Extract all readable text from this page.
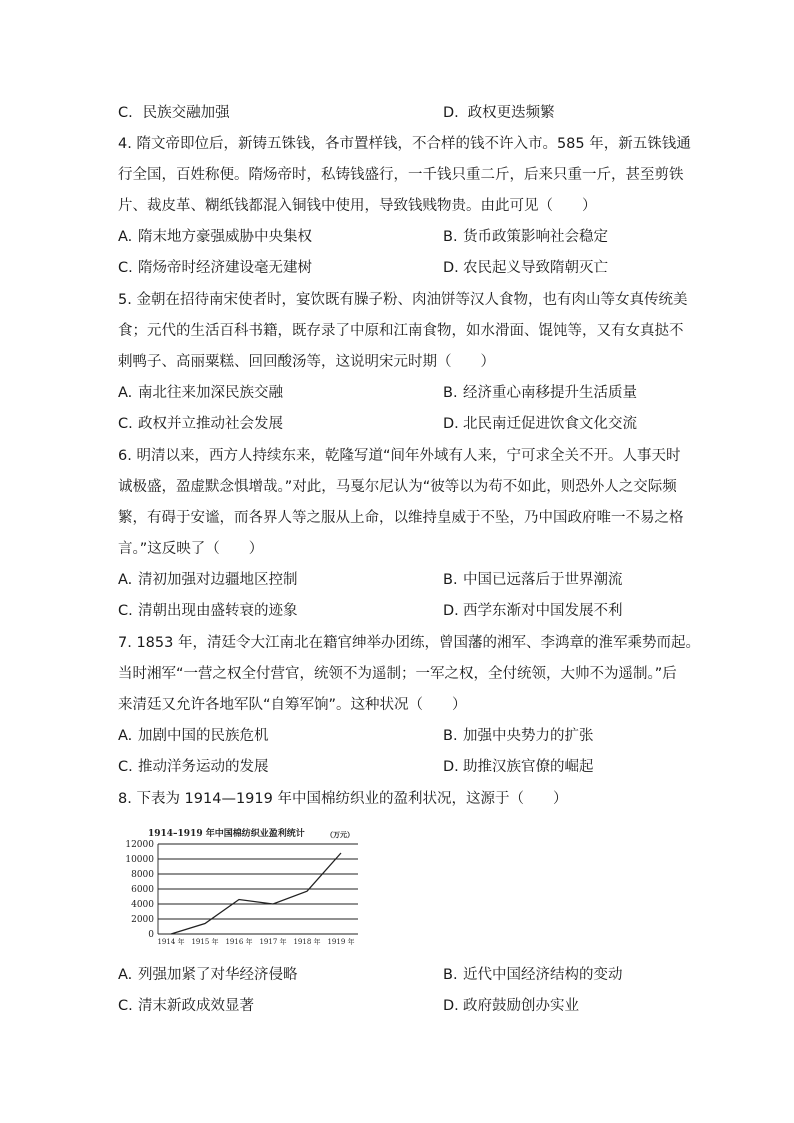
C. 民族交融加强	D. 政权更迭频繁
4. 隋文帝即位后，新铸五铢钱，各市置样钱，不合样的钱不许入市。585 年，新五铢钱通
行全国，百姓称便。隋炀帝时，私铸钱盛行，一千钱只重二斤，后来只重一斤，甚至剪铁
片、裁皮革、糊纸钱都混入铜钱中使用，导致钱贱物贵。由此可见（　　）
A. 隋末地方豪强威胁中央集权	B. 货币政策影响社会稳定
C. 隋炀帝时经济建设毫无建树	D. 农民起义导致隋朝灭亡
5. 金朝在招待南宋使者时，宴饮既有臊子粉、肉油饼等汉人食物，也有肉山等女真传统美
食；元代的生活百科书籍，既存录了中原和江南食物，如水滑面、馄饨等，又有女真挞不
剌鸭子、高丽粟糕、回回酸汤等，这说明宋元时期（　　）
A. 南北往来加深民族交融	B. 经济重心南移提升生活质量
C. 政权并立推动社会发展	D. 北民南迁促进饮食文化交流
6. 明清以来，西方人持续东来，乾隆写道“间年外域有人来，宁可求全关不开。人事天时
诚极盛，盈虚默念惧增哉。”对此，马戛尔尼认为“彼等以为苟不如此，则恐外人之交际频
繁，有碍于安谧，而各界人等之服从上命，以维持皇威于不坠，乃中国政府唯一不易之格
言。”这反映了（　　）
A. 清初加强对边疆地区控制	B. 中国已远落后于世界潮流
C. 清朝出现由盛转衰的迹象	D. 西学东渐对中国发展不利
7. 1853 年，清廷令大江南北在籍官绅举办团练，曾国藩的湘军、李鸿章的淮军乘势而起。
当时湘军“一营之权全付营官，统领不为遥制；一军之权，全付统领，大帅不为遥制。”后
来清廷又允许各地军队“自筹军饷”。这种状况（　　）
A. 加剧中国的民族危机	B. 加强中央势力的扩张
C. 推动洋务运动的发展	D. 助推汉族官僚的崛起
8. 下表为 1914—1919 年中国棉纺织业的盈利状况，这源于（　　）
1914–1919 年中国棉纺织业盈利统计	（万元）
0
2000
4000
6000
8000
10000
12000
1914 年 1915 年 1916 年 1917 年 1918 年 1919 年
A. 列强加紧了对华经济侵略	B. 近代中国经济结构的变动
C. 清末新政成效显著	D. 政府鼓励创办实业
